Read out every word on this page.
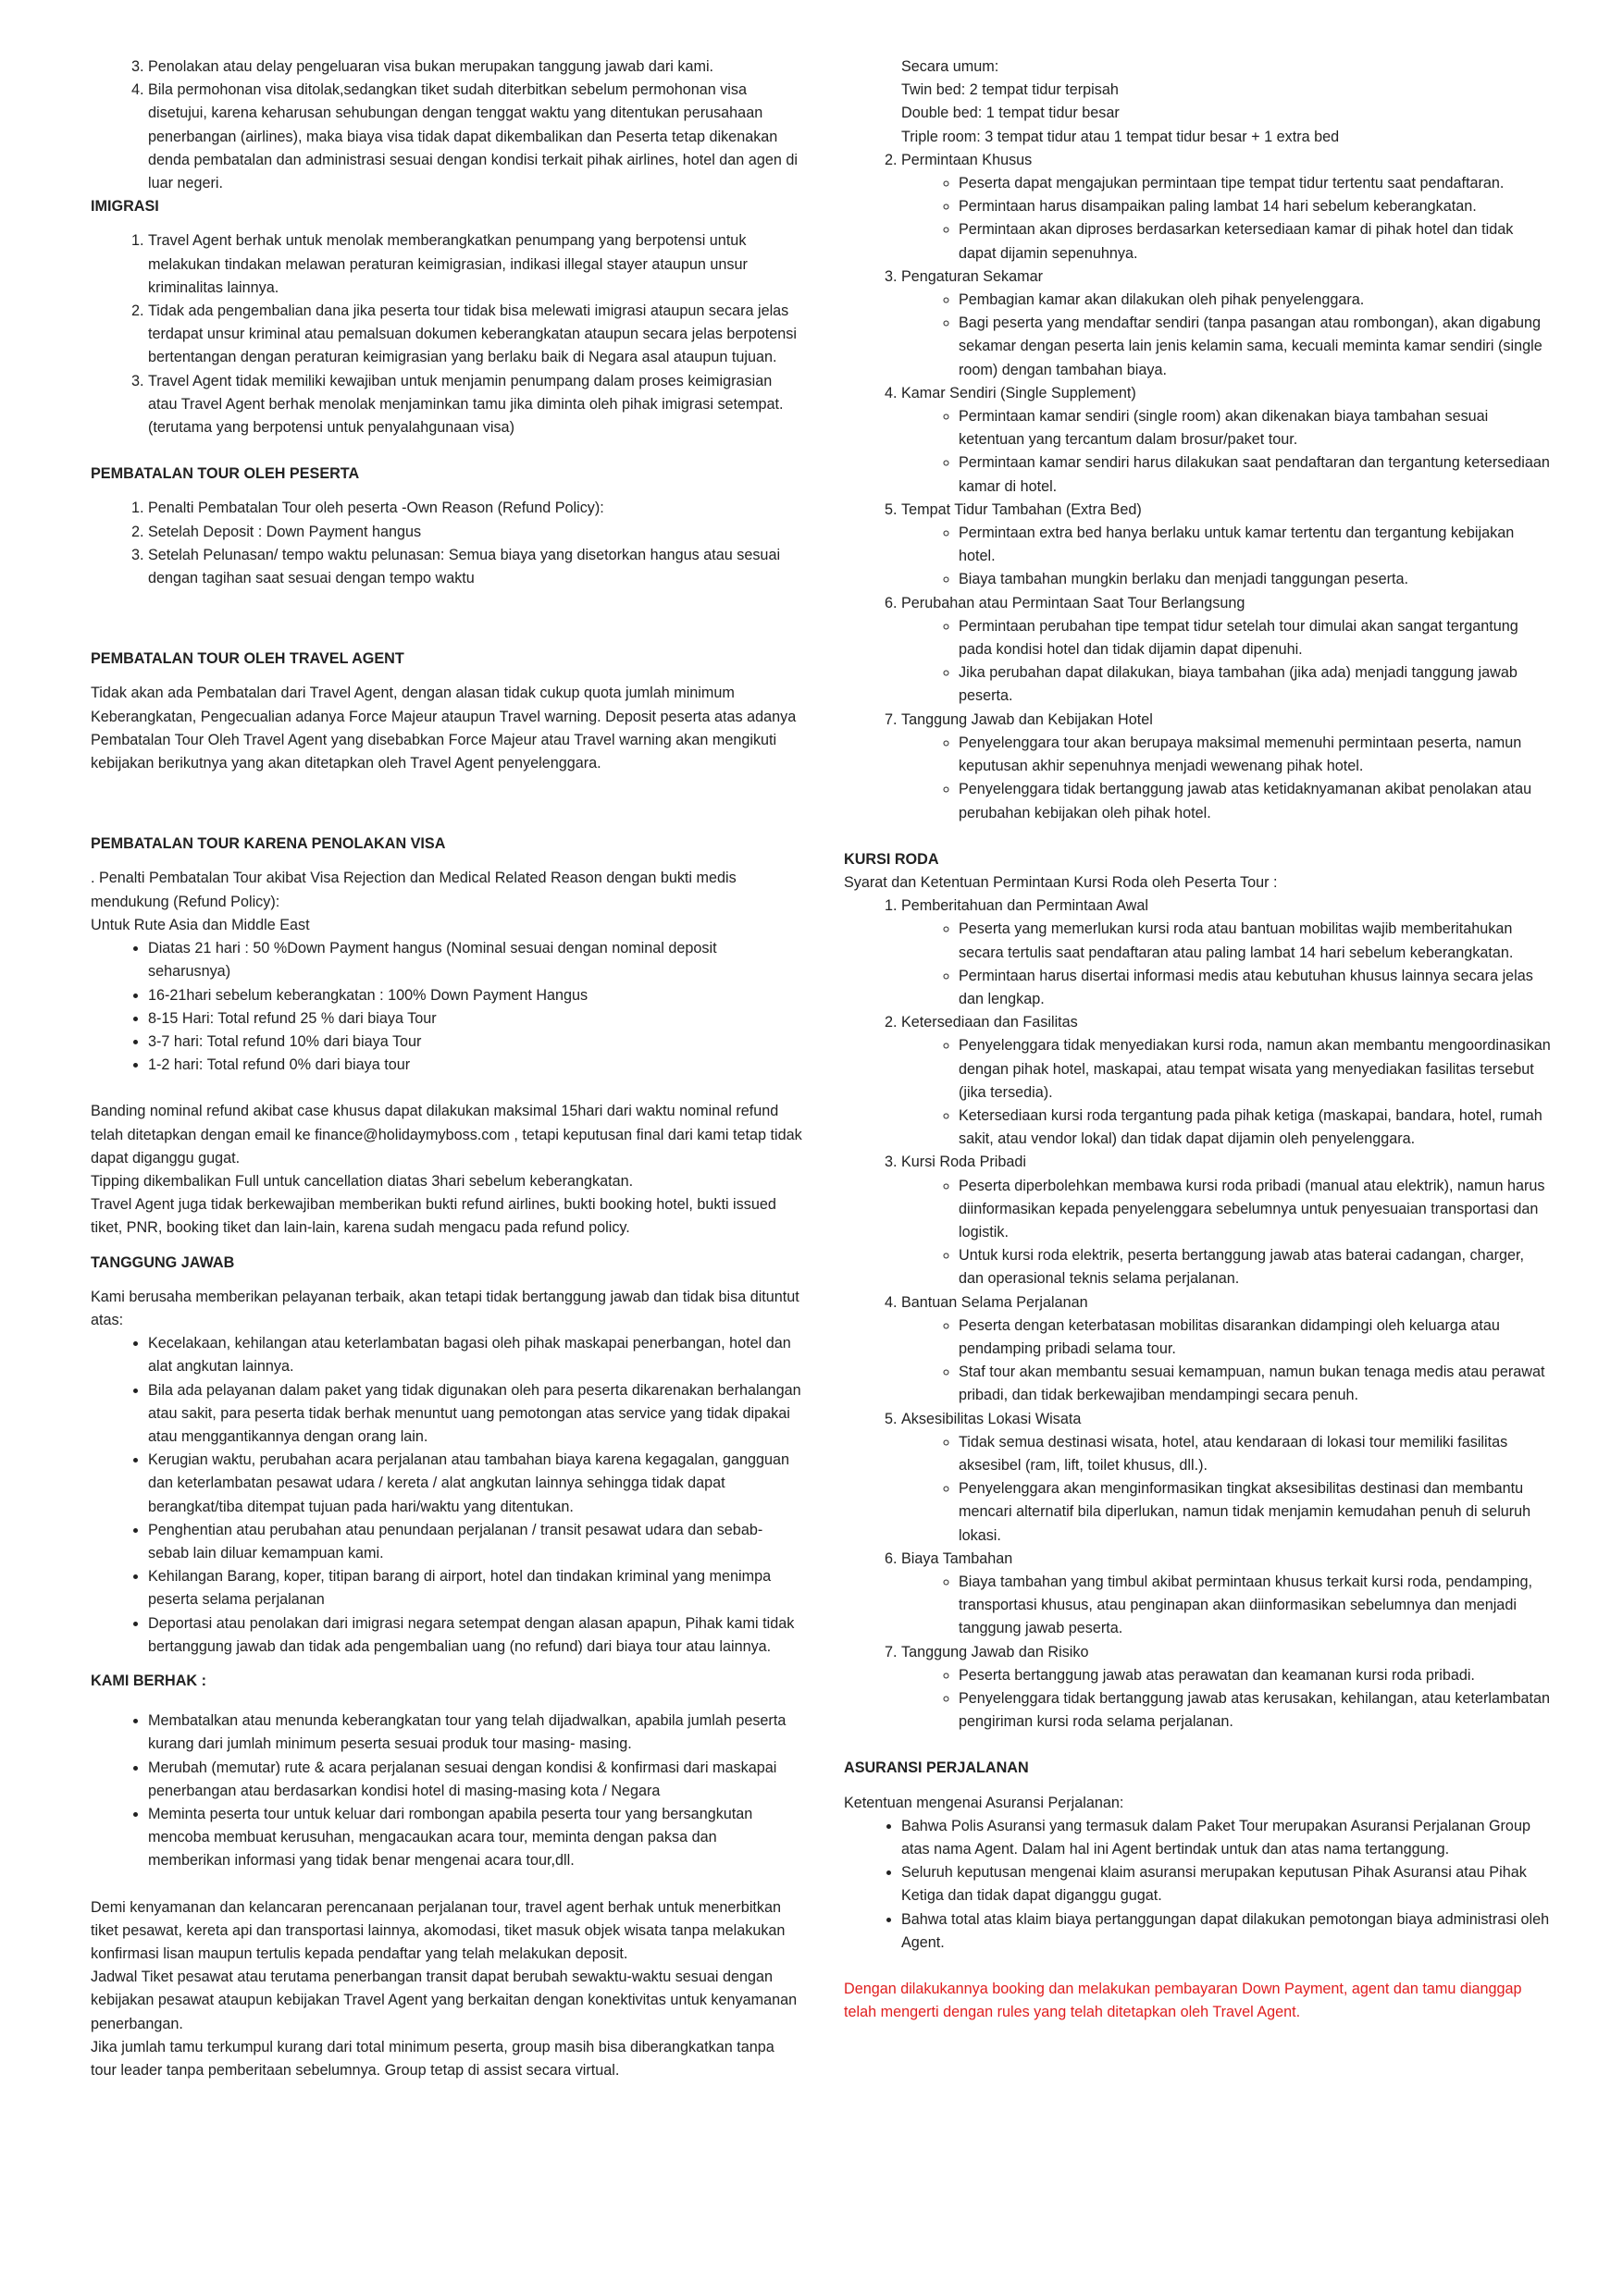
3. Penolakan atau delay pengeluaran visa bukan merupakan tanggung jawab dari kami.
4. Bila permohonan visa ditolak,sedangkan tiket sudah diterbitkan sebelum permohonan visa disetujui, karena keharusan sehubungan dengan tenggat waktu yang ditentukan perusahaan penerbangan (airlines), maka biaya visa tidak dapat dikembalikan dan Peserta tetap dikenakan denda pembatalan dan administrasi sesuai dengan kondisi terkait pihak airlines, hotel dan agen di luar negeri.
IMIGRASI
1. Travel Agent berhak untuk menolak memberangkatkan penumpang yang berpotensi untuk melakukan tindakan melawan peraturan keimigrasian, indikasi illegal stayer ataupun unsur kriminalitas lainnya.
2. Tidak ada pengembalian dana jika peserta tour tidak bisa melewati imigrasi ataupun secara jelas terdapat unsur kriminal atau pemalsuan dokumen keberangkatan ataupun secara jelas berpotensi bertentangan dengan peraturan keimigrasian yang berlaku baik di Negara asal ataupun tujuan.
3. Travel Agent tidak memiliki kewajiban untuk menjamin penumpang dalam proses keimigrasian atau Travel Agent berhak menolak menjaminkan tamu jika diminta oleh pihak imigrasi setempat. (terutama yang berpotensi untuk penyalahgunaan visa)
PEMBATALAN TOUR OLEH PESERTA
1. Penalti Pembatalan Tour oleh peserta -Own Reason (Refund Policy):
2. Setelah Deposit : Down Payment hangus
3. Setelah Pelunasan/ tempo waktu pelunasan: Semua biaya yang disetorkan hangus atau sesuai dengan tagihan saat sesuai dengan tempo waktu
PEMBATALAN TOUR OLEH TRAVEL AGENT

Tidak akan ada Pembatalan dari Travel Agent, dengan alasan tidak cukup quota jumlah minimum Keberangkatan, Pengecualian adanya Force Majeur ataupun Travel warning. Deposit peserta atas adanya Pembatalan Tour Oleh Travel Agent yang disebabkan Force Majeur atau Travel warning akan mengikuti kebijakan berikutnya yang akan ditetapkan oleh Travel Agent penyelenggara.

PEMBATALAN TOUR KARENA PENOLAKAN VISA

. Penalti Pembatalan Tour akibat Visa Rejection dan Medical Related Reason dengan bukti medis mendukung (Refund Policy):

Untuk Rute Asia dan Middle East

• Diatas 21 hari : 50 %Down Payment hangus (Nominal sesuai dengan nominal deposit seharusnya)
• 16-21hari sebelum keberangkatan : 100% Down Payment Hangus
• 8-15 Hari: Total refund 25 % dari biaya Tour
• 3-7 hari: Total refund 10% dari biaya Tour
• 1-2 hari: Total refund 0% dari biaya tour

Banding nominal refund akibat case khusus dapat dilakukan maksimal 15hari dari waktu nominal refund telah ditetapkan dengan email ke finance@holidaymyboss.com , tetapi keputusan final dari kami tetap tidak dapat diganggu gugat.

Tipping dikembalikan Full untuk cancellation diatas 3hari sebelum keberangkatan.

Travel Agent juga tidak berkewajiban memberikan bukti refund airlines, bukti booking hotel, bukti issued tiket, PNR, booking tiket dan lain-lain, karena sudah mengacu pada refund policy.

TANGGUNG JAWAB

Kami berusaha memberikan pelayanan terbaik, akan tetapi tidak bertanggung jawab dan tidak bisa dituntut atas:

• Kecelakaan, kehilangan atau keterlambatan bagasi oleh pihak maskapai penerbangan, hotel dan alat angkutan lainnya.
• Bila ada pelayanan dalam paket yang tidak digunakan oleh para peserta dikarenakan berhalangan atau sakit, para peserta tidak berhak menuntut uang pemotongan atas service yang tidak dipakai atau menggantikannya dengan orang lain.
• Kerugian waktu, perubahan acara perjalanan atau tambahan biaya karena kegagalan, gangguan dan keterlambatan pesawat udara / kereta / alat angkutan lainnya sehingga tidak dapat berangkat/tiba ditempat tujuan pada hari/waktu yang ditentukan.
• Penghentian atau perubahan atau penundaan perjalanan / transit pesawat udara dan sebab-sebab lain diluar kemampuan kami.
• Kehilangan Barang, koper, titipan barang di airport, hotel dan tindakan kriminal yang menimpa peserta selama perjalanan
• Deportasi atau penolakan dari imigrasi negara setempat dengan alasan apapun, Pihak kami tidak bertanggung jawab dan tidak ada pengembalian uang (no refund) dari biaya tour atau lainnya.
KAMI BERHAK :
• Membatalkan atau menunda keberangkatan tour yang telah dijadwalkan, apabila jumlah peserta kurang dari jumlah minimum peserta sesuai produk tour masing- masing.
• Merubah (memutar) rute & acara perjalanan sesuai dengan kondisi & konfirmasi dari maskapai penerbangan atau berdasarkan kondisi hotel di masing-masing kota / Negara
• Meminta peserta tour untuk keluar dari rombongan apabila peserta tour yang bersangkutan mencoba membuat kerusuhan, mengacaukan acara tour, meminta dengan paksa dan memberikan informasi yang tidak benar mengenai acara tour,dll.

Demi kenyamanan dan kelancaran perencanaan perjalanan tour, travel agent berhak untuk menerbitkan tiket pesawat, kereta api dan transportasi lainnya, akomodasi, tiket masuk objek wisata tanpa melakukan konfirmasi lisan maupun tertulis kepada pendaftar yang telah melakukan deposit.

Jadwal Tiket pesawat atau terutama penerbangan transit dapat berubah sewaktu-waktu sesuai dengan kebijakan pesawat ataupun kebijakan Travel Agent yang berkaitan dengan konektivitas untuk kenyamanan penerbangan.

Jika jumlah tamu terkumpul kurang dari total minimum peserta, group masih bisa diberangkatkan tanpa tour leader tanpa pemberitaan sebelumnya. Group tetap di assist secara virtual.

Secara umum:

Twin bed: 2 tempat tidur terpisah

Double bed: 1 tempat tidur besar

Triple room: 3 tempat tidur atau 1 tempat tidur besar + 1 extra bed

2. Permintaan Khusus
◦ Peserta dapat mengajukan permintaan tipe tempat tidur tertentu saat pendaftaran.
◦ Permintaan harus disampaikan paling lambat 14 hari sebelum keberangkatan.
◦ Permintaan akan diproses berdasarkan ketersediaan kamar di pihak hotel dan tidak dapat dijamin sepenuhnya.
3. Pengaturan Sekamar
◦ Pembagian kamar akan dilakukan oleh pihak penyelenggara.
◦ Bagi peserta yang mendaftar sendiri (tanpa pasangan atau rombongan), akan digabung sekamar dengan peserta lain jenis kelamin sama, kecuali meminta kamar sendiri (single room) dengan tambahan biaya.
4. Kamar Sendiri (Single Supplement)
◦ Permintaan kamar sendiri (single room) akan dikenakan biaya tambahan sesuai ketentuan yang tercantum dalam brosur/paket tour.
◦ Permintaan kamar sendiri harus dilakukan saat pendaftaran dan tergantung ketersediaan kamar di hotel.
5. Tempat Tidur Tambahan (Extra Bed)
◦ Permintaan extra bed hanya berlaku untuk kamar tertentu dan tergantung kebijakan hotel.
◦ Biaya tambahan mungkin berlaku dan menjadi tanggungan peserta.
6. Perubahan atau Permintaan Saat Tour Berlangsung
◦ Permintaan perubahan tipe tempat tidur setelah tour dimulai akan sangat tergantung pada kondisi hotel dan tidak dijamin dapat dipenuhi.
◦ Jika perubahan dapat dilakukan, biaya tambahan (jika ada) menjadi tanggung jawab peserta.
7. Tanggung Jawab dan Kebijakan Hotel
◦ Penyelenggara tour akan berupaya maksimal memenuhi permintaan peserta, namun keputusan akhir sepenuhnya menjadi wewenang pihak hotel.
◦ Penyelenggara tidak bertanggung jawab atas ketidaknyamanan akibat penolakan atau perubahan kebijakan oleh pihak hotel.
KURSI RODA

Syarat dan Ketentuan Permintaan Kursi Roda oleh Peserta Tour :

1. Pemberitahuan dan Permintaan Awal
◦ Peserta yang memerlukan kursi roda atau bantuan mobilitas wajib memberitahukan secara tertulis saat pendaftaran atau paling lambat 14 hari sebelum keberangkatan.
◦ Permintaan harus disertai informasi medis atau kebutuhan khusus lainnya secara jelas dan lengkap.
2. Ketersediaan dan Fasilitas
◦ Penyelenggara tidak menyediakan kursi roda, namun akan membantu mengoordinasikan dengan pihak hotel, maskapai, atau tempat wisata yang menyediakan fasilitas tersebut (jika tersedia).
◦ Ketersediaan kursi roda tergantung pada pihak ketiga (maskapai, bandara, hotel, rumah sakit, atau vendor lokal) dan tidak dapat dijamin oleh penyelenggara.
3. Kursi Roda Pribadi
◦ Peserta diperbolehkan membawa kursi roda pribadi (manual atau elektrik), namun harus diinformasikan kepada penyelenggara sebelumnya untuk penyesuaian transportasi dan logistik.
◦ Untuk kursi roda elektrik, peserta bertanggung jawab atas baterai cadangan, charger, dan operasional teknis selama perjalanan.
4. Bantuan Selama Perjalanan
◦ Peserta dengan keterbatasan mobilitas disarankan didampingi oleh keluarga atau pendamping pribadi selama tour.
◦ Staf tour akan membantu sesuai kemampuan, namun bukan tenaga medis atau perawat pribadi, dan tidak berkewajiban mendampingi secara penuh.
5. Aksesibilitas Lokasi Wisata
◦ Tidak semua destinasi wisata, hotel, atau kendaraan di lokasi tour memiliki fasilitas aksesibel (ram, lift, toilet khusus, dll.).
◦ Penyelenggara akan menginformasikan tingkat aksesibilitas destinasi dan membantu mencari alternatif bila diperlukan, namun tidak menjamin kemudahan penuh di seluruh lokasi.
6. Biaya Tambahan
◦ Biaya tambahan yang timbul akibat permintaan khusus terkait kursi roda, pendamping, transportasi khusus, atau penginapan akan diinformasikan sebelumnya dan menjadi tanggung jawab peserta.
7. Tanggung Jawab dan Risiko
◦ Peserta bertanggung jawab atas perawatan dan keamanan kursi roda pribadi.
◦ Penyelenggara tidak bertanggung jawab atas kerusakan, kehilangan, atau keterlambatan pengiriman kursi roda selama perjalanan.
ASURANSI PERJALANAN

Ketentuan mengenai Asuransi Perjalanan:

• Bahwa Polis Asuransi yang termasuk dalam Paket Tour merupakan Asuransi Perjalanan Group atas nama Agent. Dalam hal ini Agent bertindak untuk dan atas nama tertanggung.
• Seluruh keputusan mengenai klaim asuransi merupakan keputusan Pihak Asuransi atau Pihak Ketiga dan tidak dapat diganggu gugat.
• Bahwa total atas klaim biaya pertanggungan dapat dilakukan pemotongan biaya administrasi oleh Agent.

Dengan dilakukannya booking dan melakukan pembayaran Down Payment, agent dan tamu dianggap telah mengerti dengan rules yang telah ditetapkan oleh Travel Agent.
